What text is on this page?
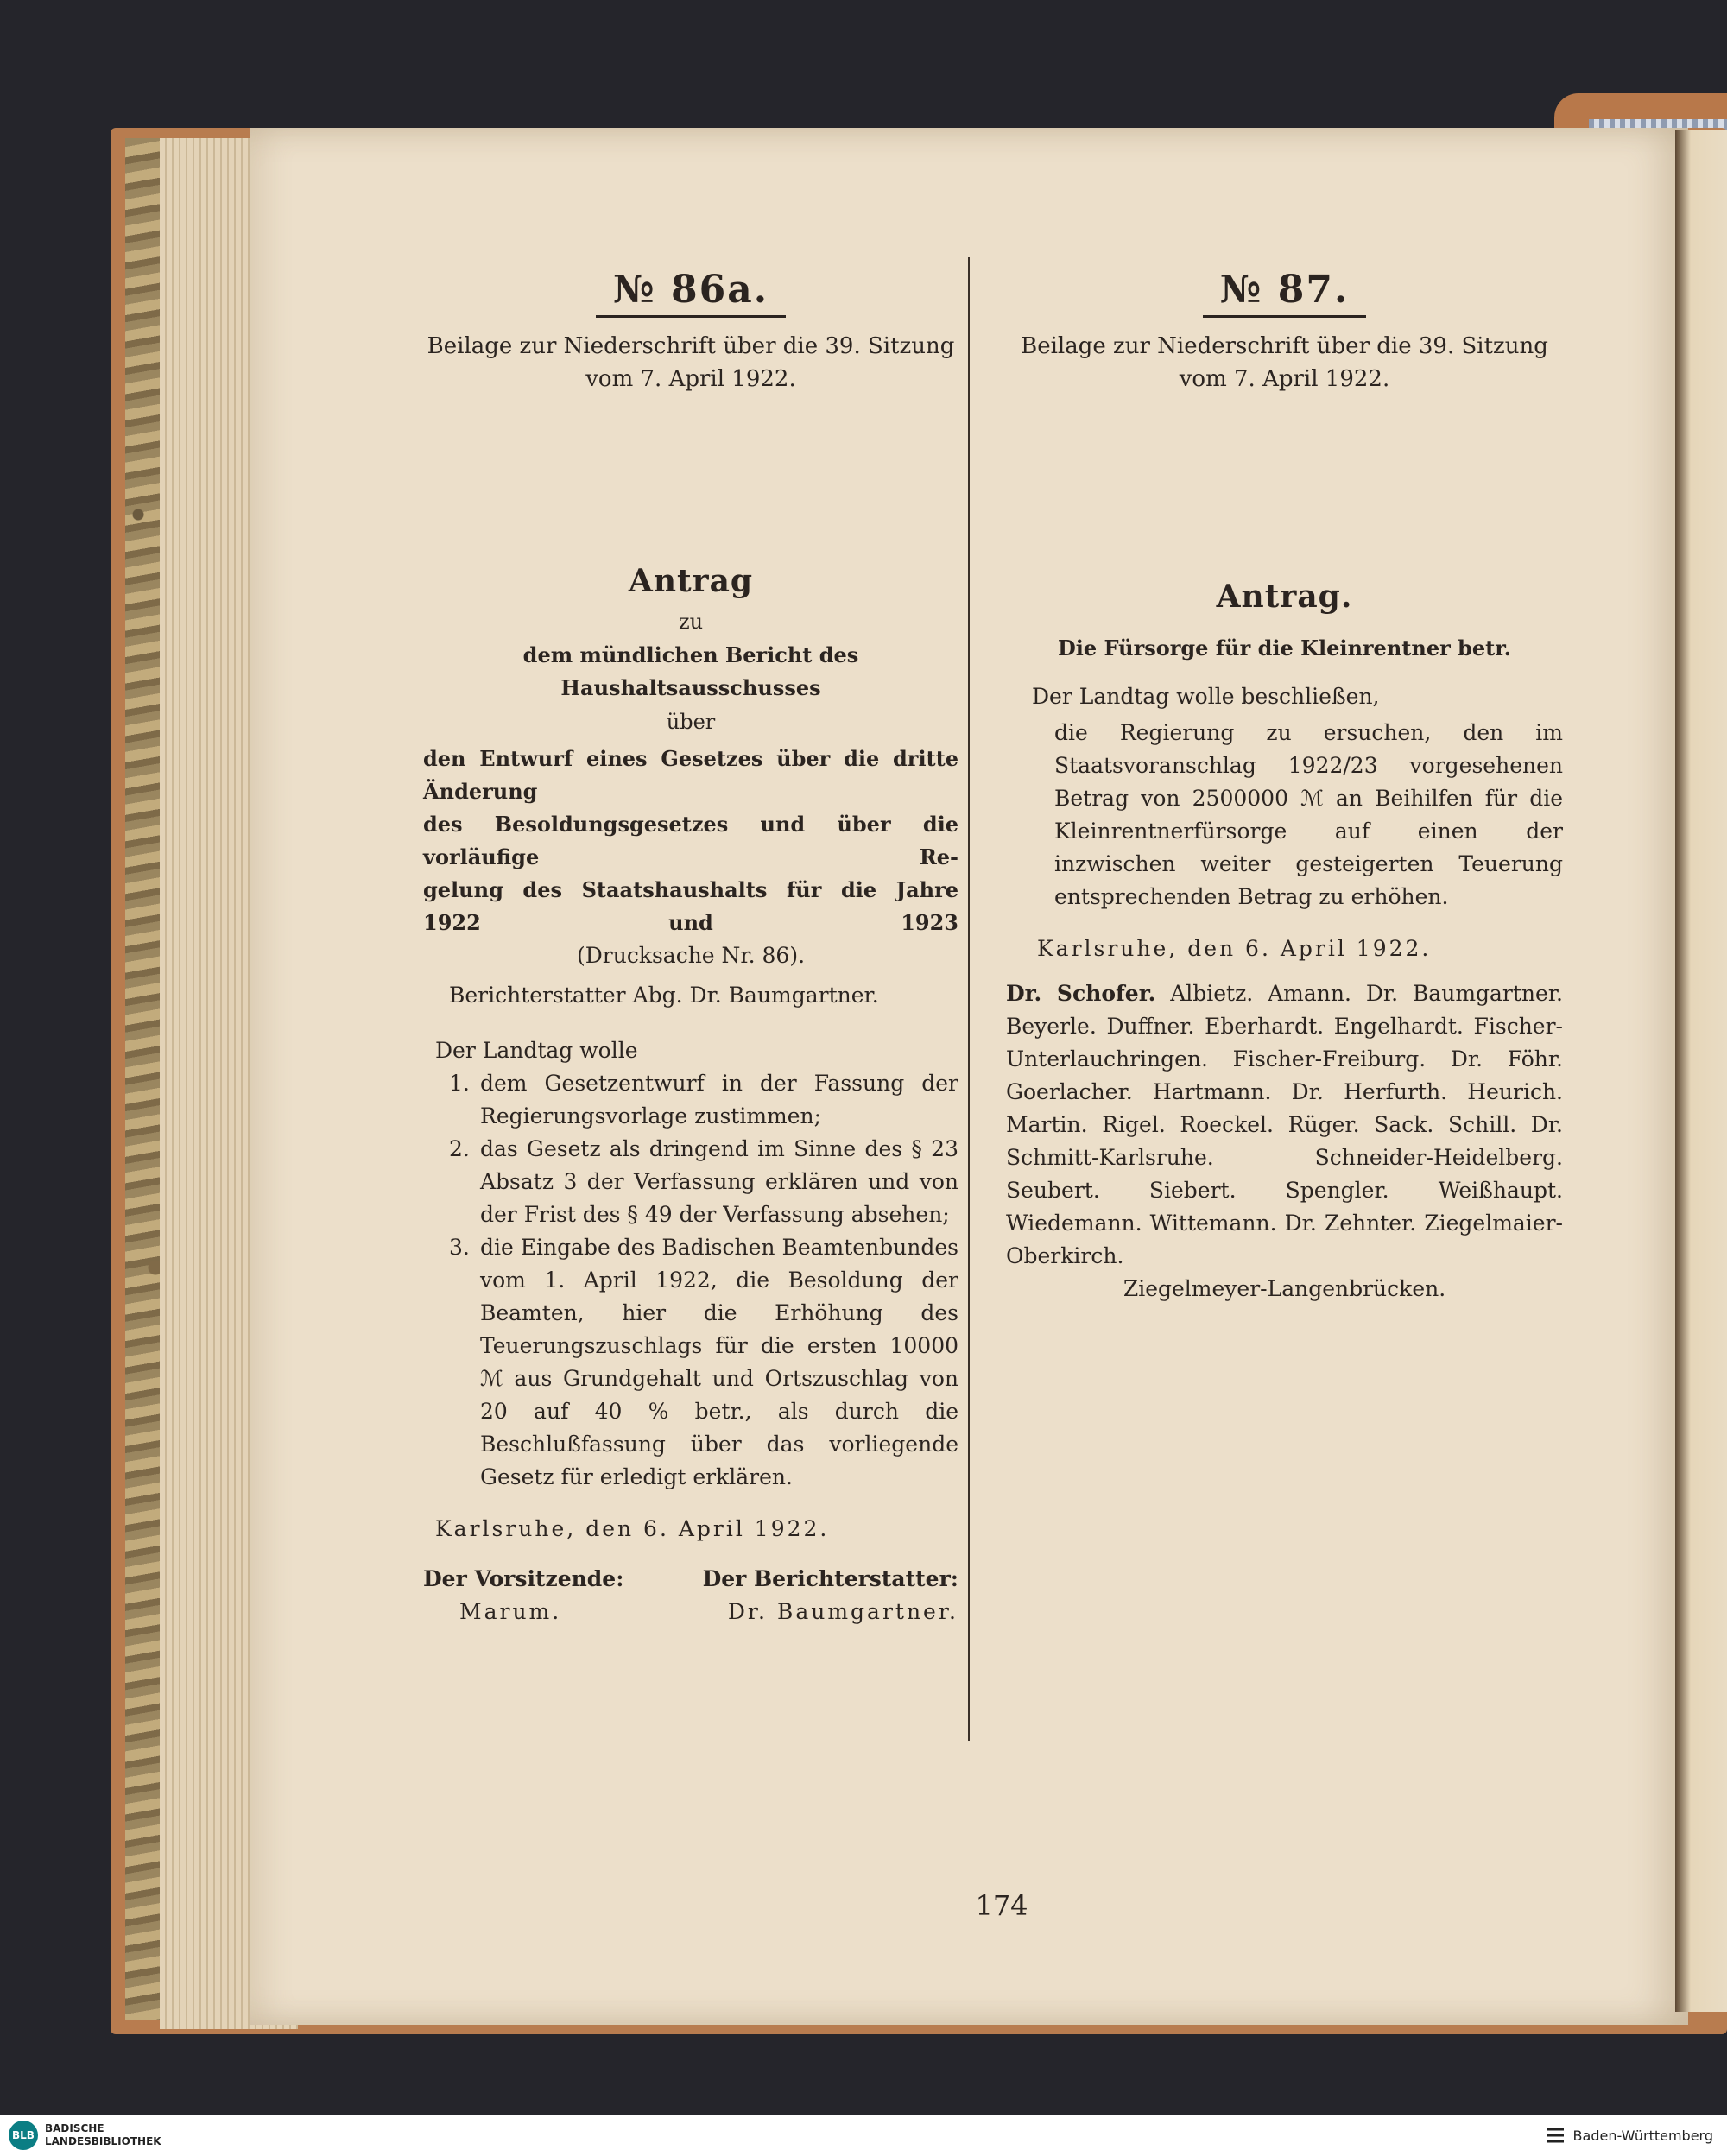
№ 86a.
Beilage zur Niederschrift über die 39. Sitzung
vom 7. April 1922.
Antrag
zu
dem mündlichen Bericht des Haushaltsausschusses
über
den Entwurf eines Gesetzes über die dritte Änderung
des Besoldungsgesetzes und über die vorläufige Re-
gelung des Staatshaushalts für die Jahre 1922 und 1923
(Drucksache Nr. 86).
Berichterstatter Abg. Dr. Baumgartner.
Der Landtag wolle
1. dem Gesetzentwurf in der Fassung der Regierungsvorlage zustimmen;
2. das Gesetz als dringend im Sinne des § 23 Absatz 3 der Verfassung erklären und von der Frist des § 49 der Verfassung absehen;
3. die Eingabe des Badischen Beamtenbundes vom 1. April 1922, die Besoldung der Beamten, hier die Erhöhung des Teuerungszuschlags für die ersten 10000 ℳ aus Grundgehalt und Ortszuschlag von 20 auf 40 % betr., als durch die Beschlußfassung über das vorliegende Gesetz für erledigt erklären.
Karlsruhe, den 6. April 1922.
Der Vorsitzende:	Der Berichterstatter:
Marum.	Dr. Baumgartner.
№ 87.
Beilage zur Niederschrift über die 39. Sitzung
vom 7. April 1922.
Antrag.
Die Fürsorge für die Kleinrentner betr.
Der Landtag wolle beschließen,
die Regierung zu ersuchen, den im Staatsvoranschlag 1922/23 vorgesehenen Betrag von 2500000 ℳ an Beihilfen für die Kleinrentnerfürsorge auf einen der inzwischen weiter gesteigerten Teuerung entsprechenden Betrag zu erhöhen.
Karlsruhe, den 6. April 1922.
Dr. Schofer. Albietz. Amann. Dr. Baumgartner. Beyerle. Duffner. Eberhardt. Engelhardt. Fischer-Unterlauchringen. Fischer-Freiburg. Dr. Föhr. Goerlacher. Hartmann. Dr. Herfurth. Heurich. Martin. Rigel. Roeckel. Rüger. Sack. Schill. Dr. Schmitt-Karlsruhe. Schneider-Heidelberg. Seubert. Siebert. Spengler. Weißhaupt. Wiedemann. Wittemann. Dr. Zehnter. Ziegelmaier-Oberkirch.
Ziegelmeyer-Langenbrücken.
174
BLB
BADISCHE
LANDESBIBLIOTHEK	Baden-Württemberg
